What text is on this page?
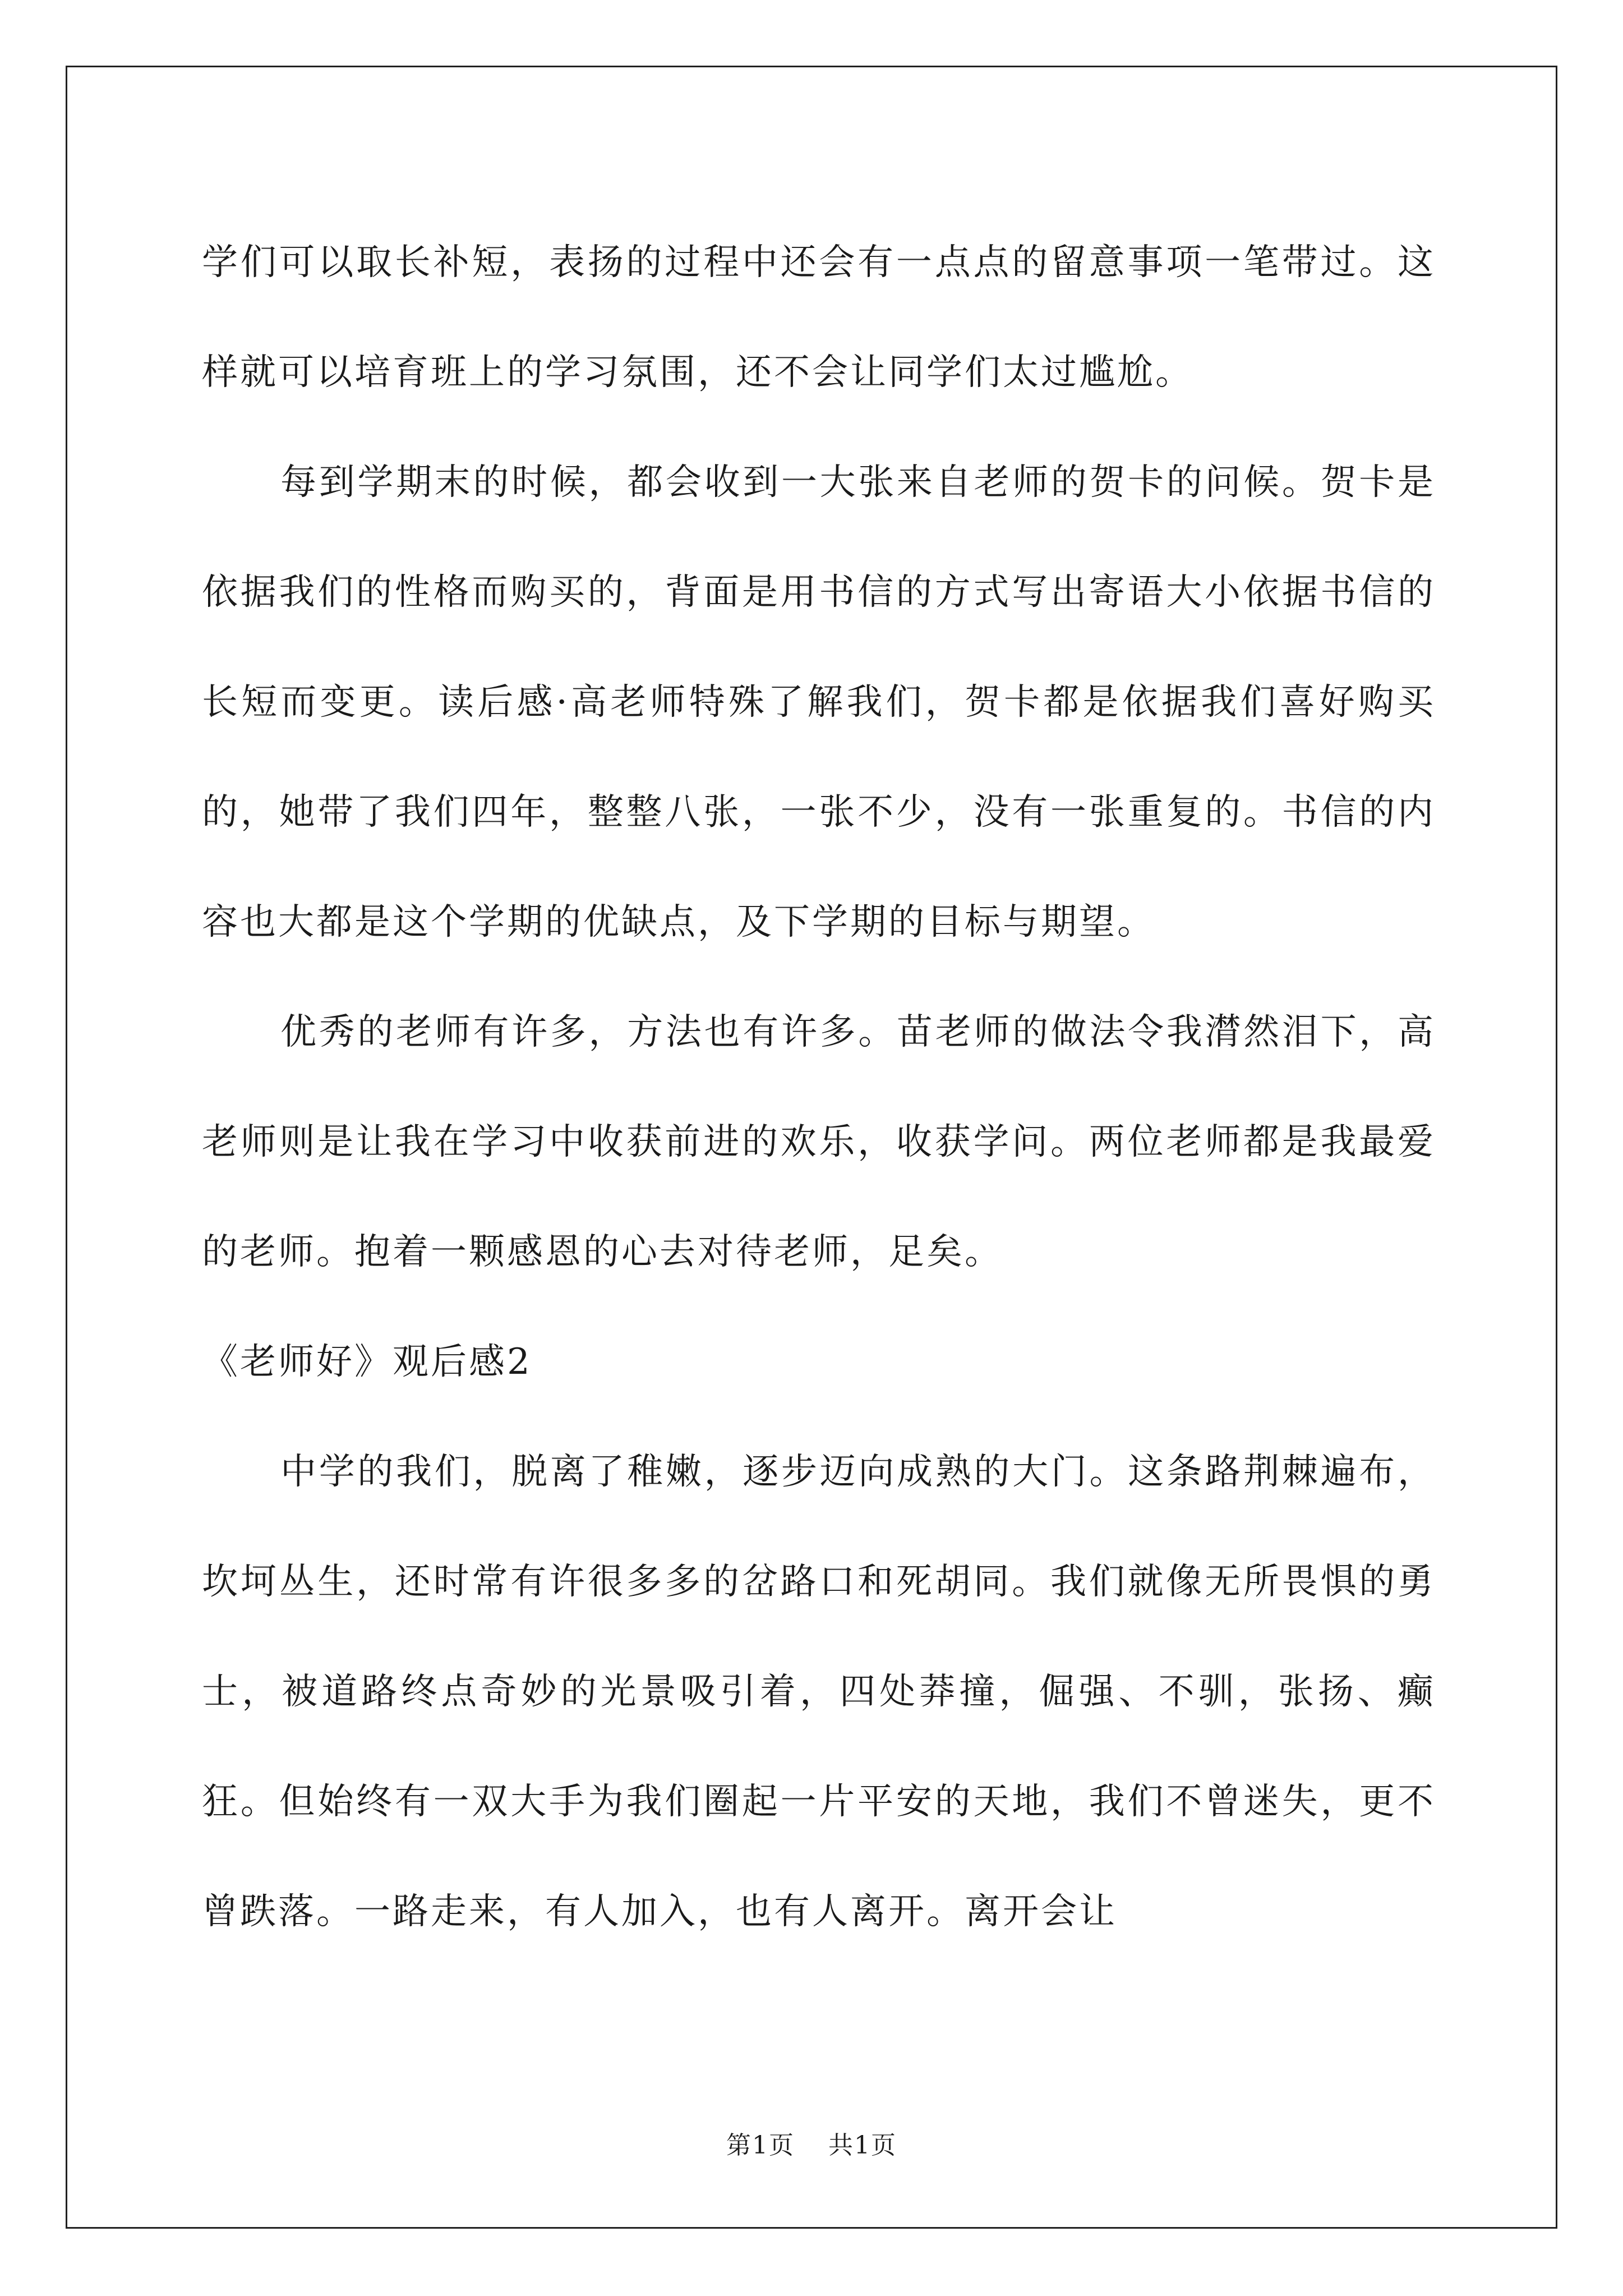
学们可以取长补短，表扬的过程中还会有一点点的留意事项一笔带过。这样就可以培育班上的学习氛围，还不会让同学们太过尴尬。

每到学期末的时候，都会收到一大张来自老师的贺卡的问候。贺卡是依据我们的性格而购买的，背面是用书信的方式写出寄语大小依据书信的长短而变更。读后感·高老师特殊了解我们，贺卡都是依据我们喜好购买的，她带了我们四年，整整八张，一张不少，没有一张重复的。书信的内容也大都是这个学期的优缺点，及下学期的目标与期望。

优秀的老师有许多，方法也有许多。苗老师的做法令我潸然泪下，高老师则是让我在学习中收获前进的欢乐，收获学问。两位老师都是我最爱的老师。抱着一颗感恩的心去对待老师，足矣。

《老师好》观后感2

中学的我们，脱离了稚嫩，逐步迈向成熟的大门。这条路荆棘遍布，坎坷丛生，还时常有许很多多的岔路口和死胡同。我们就像无所畏惧的勇士，被道路终点奇妙的光景吸引着，四处莽撞，倔强、不驯，张扬、癫狂。但始终有一双大手为我们圈起一片平安的天地，我们不曾迷失，更不曾跌落。一路走来，有人加入，也有人离开。离开会让

第1页 共1页
